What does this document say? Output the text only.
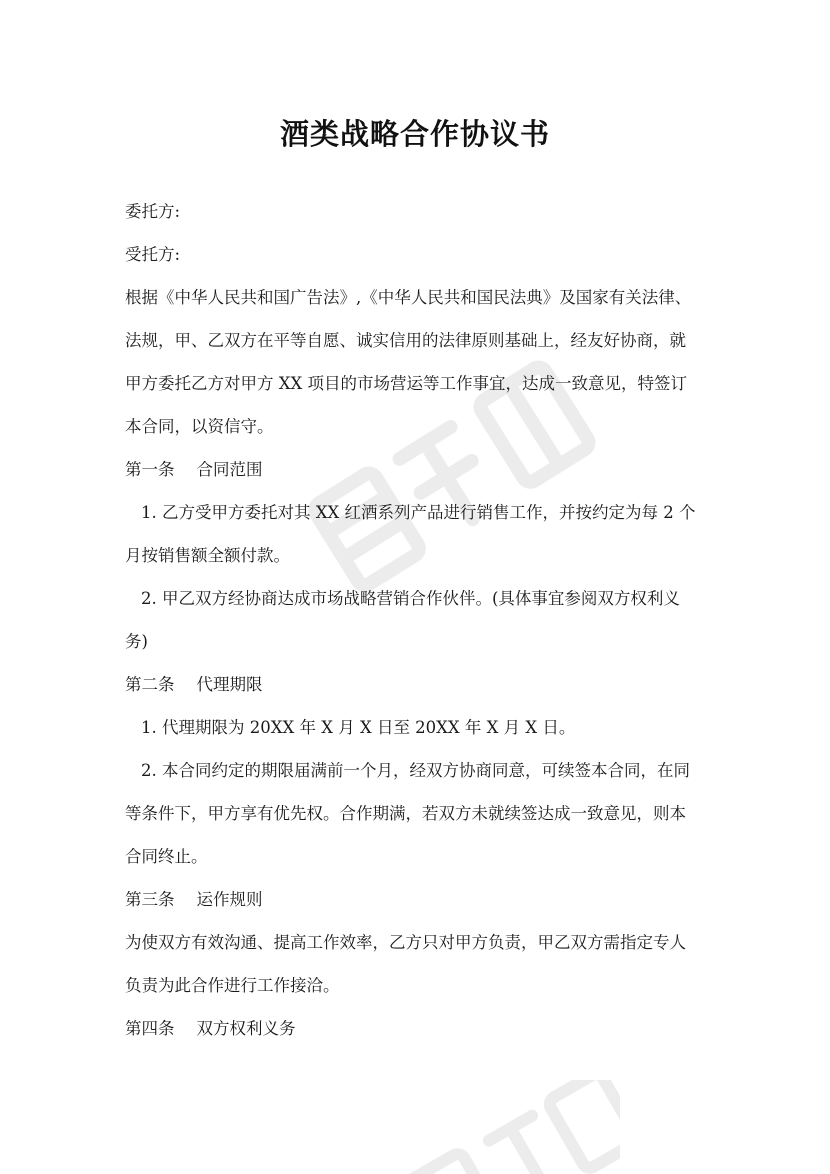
酒类战略合作协议书

委托方:

受托方:

根据《中华人民共和国广告法》,《中华人民共和国民法典》及国家有关法律、

法规，甲、乙双方在平等自愿、诚实信用的法律原则基础上，经友好协商，就

甲方委托乙方对甲方 XX 项目的市场营运等工作事宜，达成一致意见，特签订

本合同，以资信守。

第一条 合同范围

1. 乙方受甲方委托对其 XX 红酒系列产品进行销售工作，并按约定为每 2 个

月按销售额全额付款。

2. 甲乙双方经协商达成市场战略营销合作伙伴。(具体事宜参阅双方权利义

务)

第二条 代理期限

1. 代理期限为 20XX 年 X 月 X 日至 20XX 年 X 月 X 日。

2. 本合同约定的期限届满前一个月，经双方协商同意，可续签本合同，在同

等条件下，甲方享有优先权。合作期满，若双方未就续签达成一致意见，则本

合同终止。

第三条 运作规则

为使双方有效沟通、提高工作效率，乙方只对甲方负责，甲乙双方需指定专人

负责为此合作进行工作接洽。

第四条 双方权利义务
